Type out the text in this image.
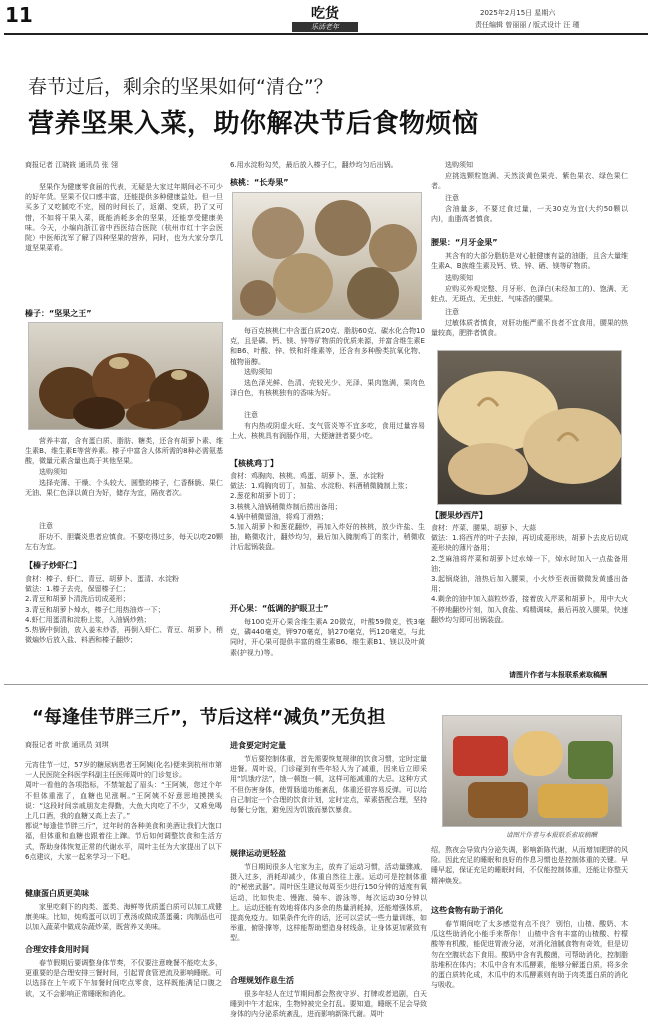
11	吃货
乐活老年
2025年2月15日 星期六
责任编辑 曾丽丽 / 版式设计 汪 瑾
春节过后，剩余的坚果如何“清仓”？
营养坚果入菜，助你解决节后食物烦恼
商报记者 江晓筱 通讯员 张 翎
坚果作为健康零食届的代表，无疑是大家过年期间必不可少的好年货。坚果不仅口感丰富，还能提供多种健康益处。但一旦买多了又吃腻吃不完，囤的时间长了，返潮、变质，扔了又可惜，不如将干果入菜，既能消耗多余的坚果，还能享受健康美味。今天，小编向浙江省中西医结合医院（杭州市红十字会医院）中医师沈军了解了四种坚果的营养，同时，也为大家分享几道坚果菜肴。
榛子：“坚果之王”
营养丰富，含有蛋白质、脂肪、糖类，还含有胡萝卜素、维生素B、维生素E等营养素。榛子中富含人体所需的8种必需氨基酸，微量元素含量也高于其他坚果。
选购须知
选择壳薄、干燥、个头较大、圆整的榛子，仁香酥脆、果仁无油、果仁色泽以黄白为好，储存为宜，隔夜者次。
注意
肝功不、胆囊炎患者应慎食。不要吃得过多，每天以吃20颗左右为宜。
【榛子炒虾仁】
食材：榛子、虾仁、青豆、胡萝卜、蛋清、水淀粉
做法：1.榛子去壳，保留榛子仁；
2.青豆和胡萝卜清洗后切成菱形；
3.青豆和胡萝卜焯水，榛子仁用热油炸一下；
4.虾仁用蛋清和淀粉上浆，入油锅炒熟；
5.热锅中倒油，放入姜末炒香，再倒入虾仁、青豆、胡萝卜，稍微煸炒后放入盐、料酒和榛子翻炒；
6.用水淀粉勾芡，最后放入榛子仁，翻炒均匀后出锅。
核桃：“长寿果”
每百克核桃仁中含蛋白质20克、脂肪60克、碳水化合物10克，且是磷、钙、镁、锌等矿物质的优质来源，并富含维生素E和B6、叶酸、锌、铁和纤维素等，还含有多种酚类抗氧化物、植物甾醇。
选购须知
选色泽光鲜、色清、壳较光少、光泽、果肉饱满，果肉色泽白色，有核桃独有的香味为好。
注意
有内热或阴虚火旺、支气管炎等不宜多吃，食用过量容易上火、核桃具有润肠作用，大便溏泄者要少吃。
【核桃鸡丁】
食材：鸡胸肉、核桃、鸡蛋、胡萝卜、葱、水淀粉
做法：1.鸡胸肉切丁，加盐、水淀粉、料酒稍微腌制上浆；
2.葱花和胡萝卜切丁；
3.核桃入油锅稍微炸制后捞出备用；
4.锅中稍微留油，将鸡丁滑熟；
5.加入胡萝卜和葱花翻炒，再加入炸好的核桃，放少许盐、生抽，略微收汁，翻炒均匀，最后加入腌制鸡丁的浆汁，稍微收汁后起锅装盘。
开心果：“低调的护眼卫士”
每100克开心果含维生素A 20微克，叶酸59微克，铁3毫克，磷440毫克，钾970毫克，钠270毫克，钙120毫克，与此同时，开心果可提供丰富的维生素B6、维生素B1、镁以及叶黄素(护视力)等。
选购须知
应挑选颗粒饱满、天然淡黄色果壳、紫色果衣、绿色果仁者。
注意
含油量多，不要过食过量，一天30克为宜(大约50颗以内)，血脂高者慎食。
腰果：“月牙金果”
其含有的大部分脂肪是对心脏健康有益的油脂，且含大量维生素A、B族维生素及钙、铁、锌、硒、镁等矿物质。
选购须知
应购买外观完整、月牙形、色泽白(未经加工的)、饱满、无蛀点、无斑点、无虫蛀、气味香的腰果。
注意
过敏体质者慎食，对肝功能严重不良者不宜食用，腰果的热量较高，肥胖者慎食。
【腰果炒西芹】
食材：芹菜、腰果、胡萝卜、大蒜
做法：1.将西芹的叶子去掉，再切成菱形块，胡萝卜去皮后切成菱形块的薄片备用；
2.芝麻油将芹菜和胡萝卜过水焯一下，焯水时加入一点盐备用油；
3.起锅烧油，油热后加入腰果，小火炒至表面微微发黄盛出备用；
4.剩余的油中加入蒜粒炒香，接着放入芹菜和胡萝卜，用中大火不停地翻炒片刻，加入食盐、鸡精调味，最后再放入腰果，快速翻炒均匀即可出锅装盘。
请图片作者与本报联系索取稿酬
“每逢佳节胖三斤”，节后这样“减负”无负担
商报记者 叶歆 通讯员 刘琪
元宵佳节一过，57岁的糖尿病患者王阿姨(化名)便来到杭州市第一人民医院全科医学科副主任医师周叶的门诊复诊。
周叶一看他的各项指标，不禁皱起了眉头：“王阿姨，您过个年不但体重涨了，血糖也见涨啊。”王阿姨不好意思地摸摸头说：“这段时间亲戚朋友走得勤，大鱼大肉吃了不少，又难免喝上几口酒，我的血糖又高上去了。”
都说“每逢佳节胖三斤”，过年时的各种美食和美酒让我们大饱口福，但体重和血糖也跟着往上蹿。节后如何调整饮食和生活方式，帮助身体恢复正常的代谢水平，周叶主任为大家提出了以下6点建议，大家一起来学习一下吧。
健康蛋白质更美味
家里吃剩下的肉类、蛋类、海鲜等优质蛋白质可以加工成健康美味。比如，炖鸡蛋可以切丁煮汤或做成蒸蛋羹；肉制品也可以加入蔬菜中做成杂蔬炒菜，既营养又美味。
合理安排食用时间
春节假期后要调整身体节奏，不仅要注意晚餐不能吃太多，更重要的是合理安排三餐时间，引起胃食管逆流及影响睡眠。可以选择在上午或下午加餐时间吃点零食，这样既能满足口腹之欲，又不会影响正常睡眠和消化。
进食要定时定量
节后要控制体重，首先需要恢复规律的饮食习惯，定时定量进餐。周叶说，门诊碰到有些年轻人为了减重，因来后立即采用“饥饿疗法”，饿一顿饱一顿，这样可能减重的大忌。这种方式不但伤害身体，使胃肠道功能紊乱，体重还很容易反弹。可以给自己制定一个合理的饮食计划，定时定点，荤素搭配合理，坚持每餐七分饱，避免因为饥饿而暴饮暴食。
规律运动更轻盈
节日期间很多人宅家为主，放弃了运动习惯，活动量骤减，摄入过多，消耗却减少，体重自然往上涨。运动可是控制体重的“秘密武器”。周叶医生建议每周至少进行150分钟的适度有氧运动，比如快走、慢跑、骑车、游泳等，每次运动30分钟以上。运动还能有效地将体内多余的热量消耗掉，还能增强体质，提高免疫力。如果条件允许的话，还可以尝试一些力量训练，如举重、俯卧撑等，这样能帮助塑造身材线条，让身体更加紧致有型。
合理规划作息生活
很多年轻人在过节期间都会熬夜守岁、打牌或者追剧，白天睡到中午才起床，生物钟被完全打乱。要知道，睡眠不足会导致身体的内分泌系统紊乱，进而影响新陈代谢。周叶
请图片作者与本报联系索取稿酬
绍，熬夜会导致内分泌失调，影响新陈代谢，从而增加肥胖的风险。因此充足的睡眠和良好的作息习惯也是控制体重的关键。早睡早起，保证充足的睡眠时间，不仅能控制体重，还能让你整天精神焕发。
这些食物有助于消化
春节期间吃了太多感觉有点不良？ 别怕，山楂、酸奶、木瓜这些助消化小能手来帮你！ 山楂中含有丰富的山楂酸、柠檬酸等有机酸，能促进胃液分泌，对消化油腻食物有奇效，但是切勿在空腹状态下食用。酸奶中含有乳酸菌，可帮助消化，控制脂肪堆积在体内；木瓜中含有木瓜酵素，能够分解蛋白质，将多余的蛋白质转化成，木瓜中的木瓜酵素则有助于肉类蛋白质的消化与吸收。
